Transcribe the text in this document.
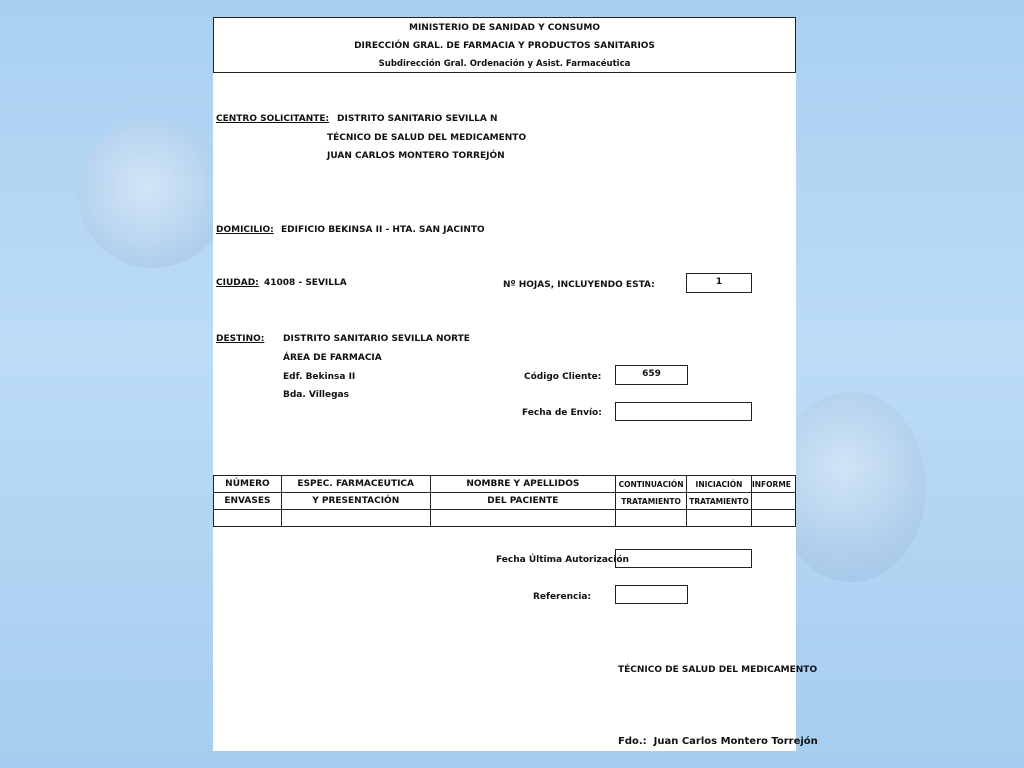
MINISTERIO DE SANIDAD Y CONSUMO
DIRECCIÓN GRAL. DE FARMACIA Y PRODUCTOS SANITARIOS
Subdirección Gral. Ordenación y Asist. Farmacéutica
CENTRO SOLICITANTE: DISTRITO SANITARIO SEVILLA N
TÉCNICO DE SALUD DEL MEDICAMENTO
JUAN CARLOS MONTERO TORREJÓN
DOMICILIO: EDIFICIO BEKINSA II - HTA. SAN JACINTO
CIUDAD: 41008 - SEVILLA	Nº HOJAS, INCLUYENDO ESTA:	1
DESTINO: DISTRITO SANITARIO SEVILLA NORTE
ÁREA DE FARMACIA
Edf. Bekinsa II
Bda. Villegas
Código Cliente:	659
Fecha de Envío:
NÚMERO	ESPEC. FARMACEUTICA	NOMBRE Y APELLIDOS	CONTINUACIÓN	INICIACIÓN	INFORME
ENVASES	Y PRESENTACIÓN	DEL PACIENTE	TRATAMIENTO	TRATAMIENTO	

Fecha Última Autorización
Referencia:
TÉCNICO DE SALUD DEL MEDICAMENTO
Fdo.: Juan Carlos Montero Torrejón
